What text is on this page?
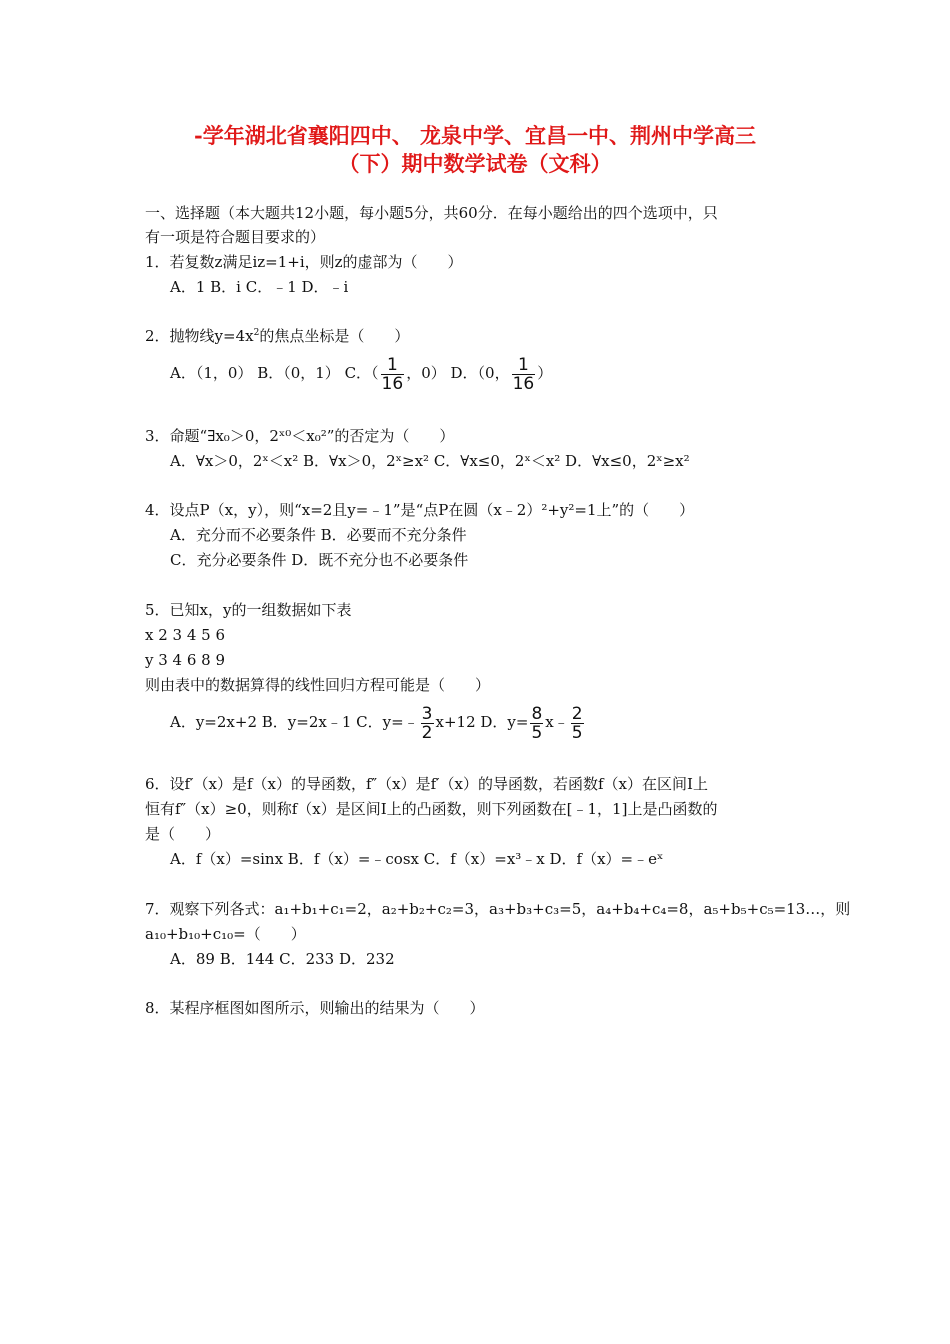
-学年湖北省襄阳四中、 龙泉中学、宜昌一中、荆州中学高三
（下）期中数学试卷（文科）
一、选择题（本大题共12小题，每小题5分，共60分．在每小题给出的四个选项中，只
有一项是符合题目要求的）
1．若复数z满足iz=1+i，则z的虚部为（　　）
A．1 B．i C．﹣1 D．﹣i
2．抛物线$y=4x^2$的焦点坐标是（　　）
A．（1，0） B．（0，1） C．（ $\frac{1}{16}$ ，0） D．（0， $\frac{1}{16}$ ）
3．命题“∃x₀＞0，2ˣ⁰＜x₀²”的否定为（　　）
A．∀x＞0，2ˣ＜x² B．∀x＞0，2ˣ≥x² C．∀x≤0，2ˣ＜x² D．∀x≤0，2ˣ≥x²
4．设点P（x，y），则“x=2且y=﹣1”是“点P在圆（x﹣2）²+y²=1上”的（　　）
A．充分而不必要条件 B．必要而不充分条件
C．充分必要条件 D．既不充分也不必要条件
5．已知x，y的一组数据如下表
x 2 3 4 5 6
y 3 4 6 8 9
则由表中的数据算得的线性回归方程可能是（　　）
A．y=2x+2 B．y=2x﹣1 C．y=﹣ $\frac{3}{2} x+12$ D．$y= \frac{8}{5}$ x﹣ $\frac{2}{5}$
6．设f′（x）是f（x）的导函数，f″（x）是f′（x）的导函数，若函数f（x）在区间I上
恒有f″（x）≥0，则称f（x）是区间I上的凸函数，则下列函数在[﹣1，1]上是凸函数的
是（　　）
A．f（x）=sinx B．f（x）=﹣cosx C．f（x）=x³﹣x D．f（x）=﹣eˣ
7．观察下列各式：a₁+b₁+c₁=2，a₂+b₂+c₂=3，a₃+b₃+c₃=5，a₄+b₄+c₄=8，a₅+b₅+c₅=13…，则
a₁₀+b₁₀+c₁₀=（　　）
A．89 B．144 C．233 D．232
8．某程序框图如图所示，则输出的结果为（　　）
